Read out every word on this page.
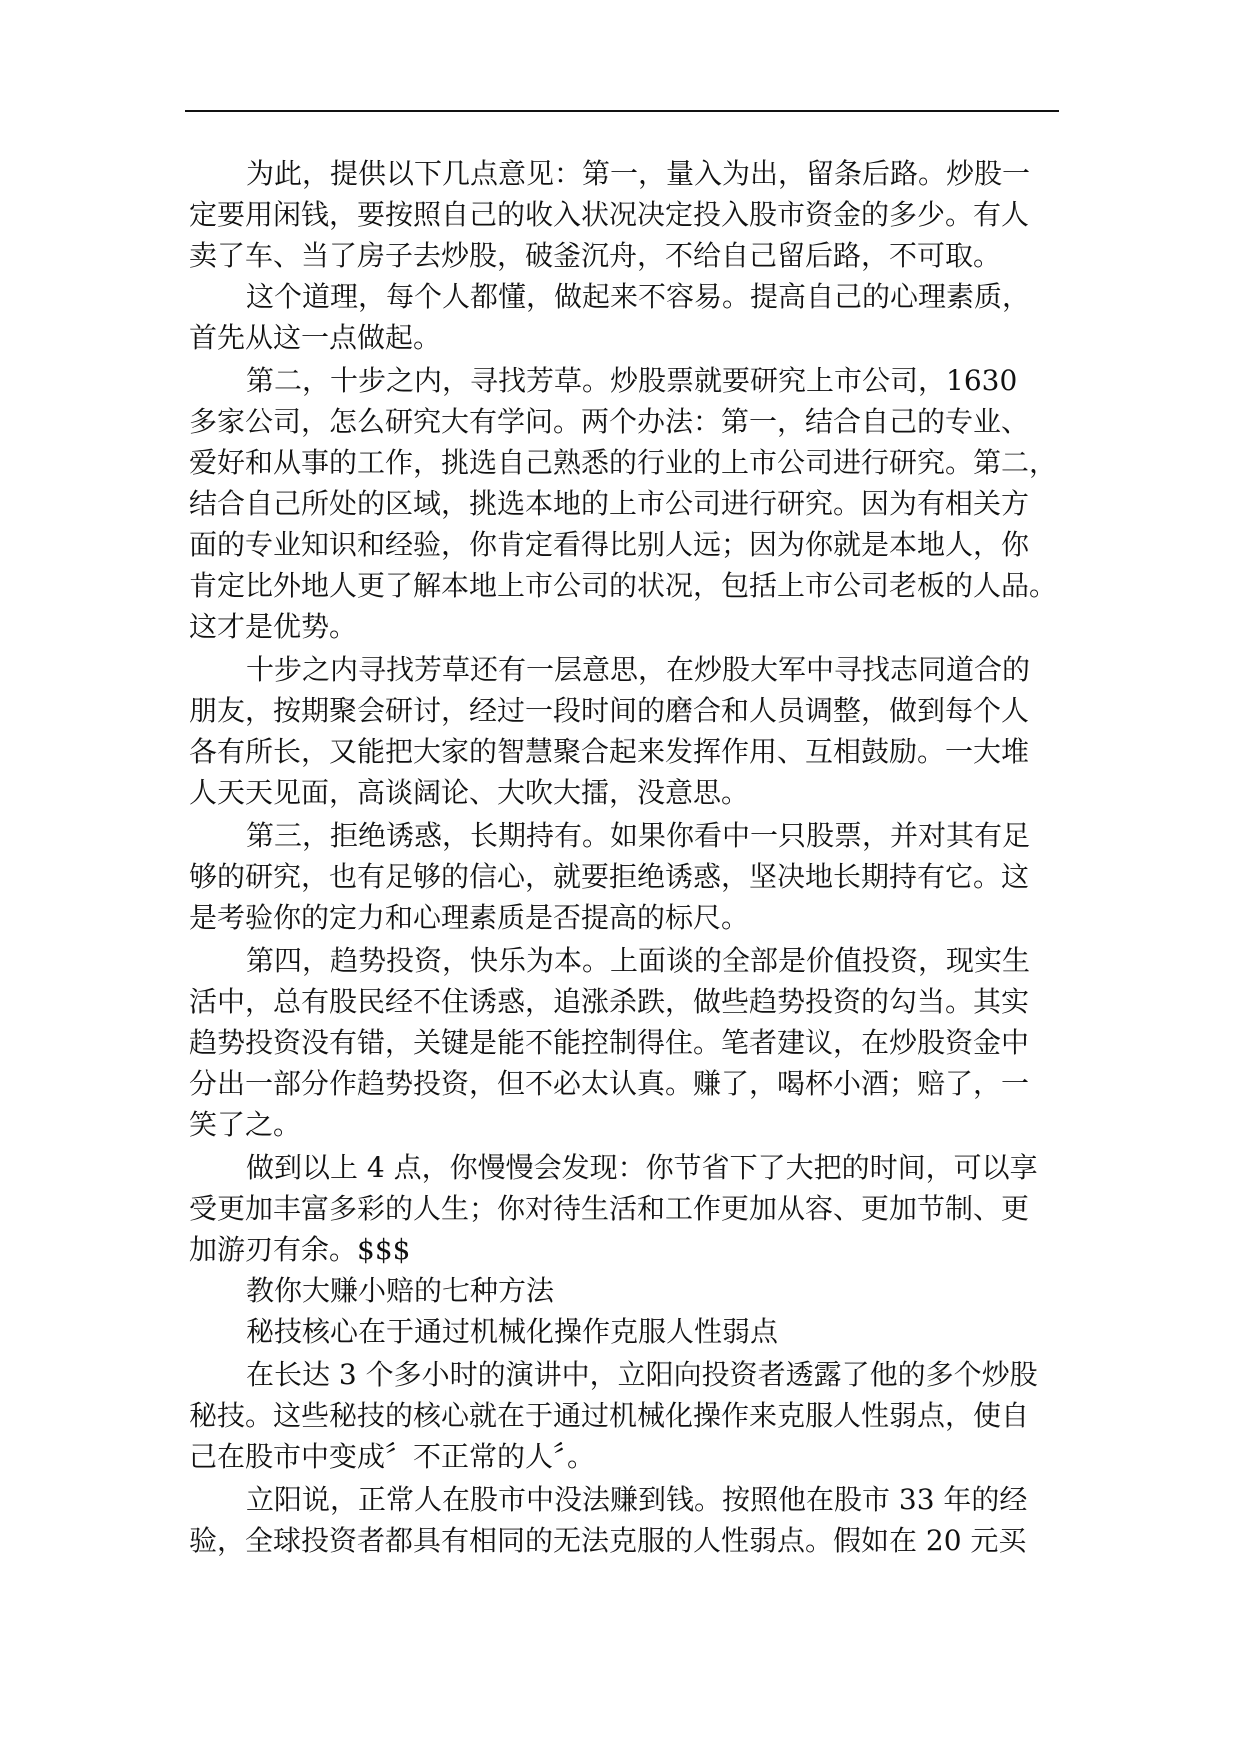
为此，提供以下几点意见：第一，量入为出，留条后路。炒股一
定要用闲钱，要按照自己的收入状况决定投入股市资金的多少。有人
卖了车、当了房子去炒股，破釜沉舟，不给自己留后路，不可取。
这个道理，每个人都懂，做起来不容易。提高自己的心理素质，
首先从这一点做起。
第二，十步之内，寻找芳草。炒股票就要研究上市公司，1630
多家公司，怎么研究大有学问。两个办法：第一，结合自己的专业、
爱好和从事的工作，挑选自己熟悉的行业的上市公司进行研究。第二，
结合自己所处的区域，挑选本地的上市公司进行研究。因为有相关方
面的专业知识和经验，你肯定看得比别人远；因为你就是本地人，你
肯定比外地人更了解本地上市公司的状况，包括上市公司老板的人品。
这才是优势。
十步之内寻找芳草还有一层意思，在炒股大军中寻找志同道合的
朋友，按期聚会研讨，经过一段时间的磨合和人员调整，做到每个人
各有所长，又能把大家的智慧聚合起来发挥作用、互相鼓励。一大堆
人天天见面，高谈阔论、大吹大擂，没意思。
第三，拒绝诱惑，长期持有。如果你看中一只股票，并对其有足
够的研究，也有足够的信心，就要拒绝诱惑，坚决地长期持有它。这
是考验你的定力和心理素质是否提高的标尺。
第四，趋势投资，快乐为本。上面谈的全部是价值投资，现实生
活中，总有股民经不住诱惑，追涨杀跌，做些趋势投资的勾当。其实
趋势投资没有错，关键是能不能控制得住。笔者建议，在炒股资金中
分出一部分作趋势投资，但不必太认真。赚了，喝杯小酒；赔了，一
笑了之。
做到以上 4 点，你慢慢会发现：你节省下了大把的时间，可以享
受更加丰富多彩的人生；你对待生活和工作更加从容、更加节制、更
加游刃有余。$$$
教你大赚小赔的七种方法
秘技核心在于通过机械化操作克服人性弱点
在长达 3 个多小时的演讲中，立阳向投资者透露了他的多个炒股
秘技。这些秘技的核心就在于通过机械化操作来克服人性弱点，使自
己在股市中变成〞不正常的人〞。
立阳说，正常人在股市中没法赚到钱。按照他在股市 33 年的经
验，全球投资者都具有相同的无法克服的人性弱点。假如在 20 元买
